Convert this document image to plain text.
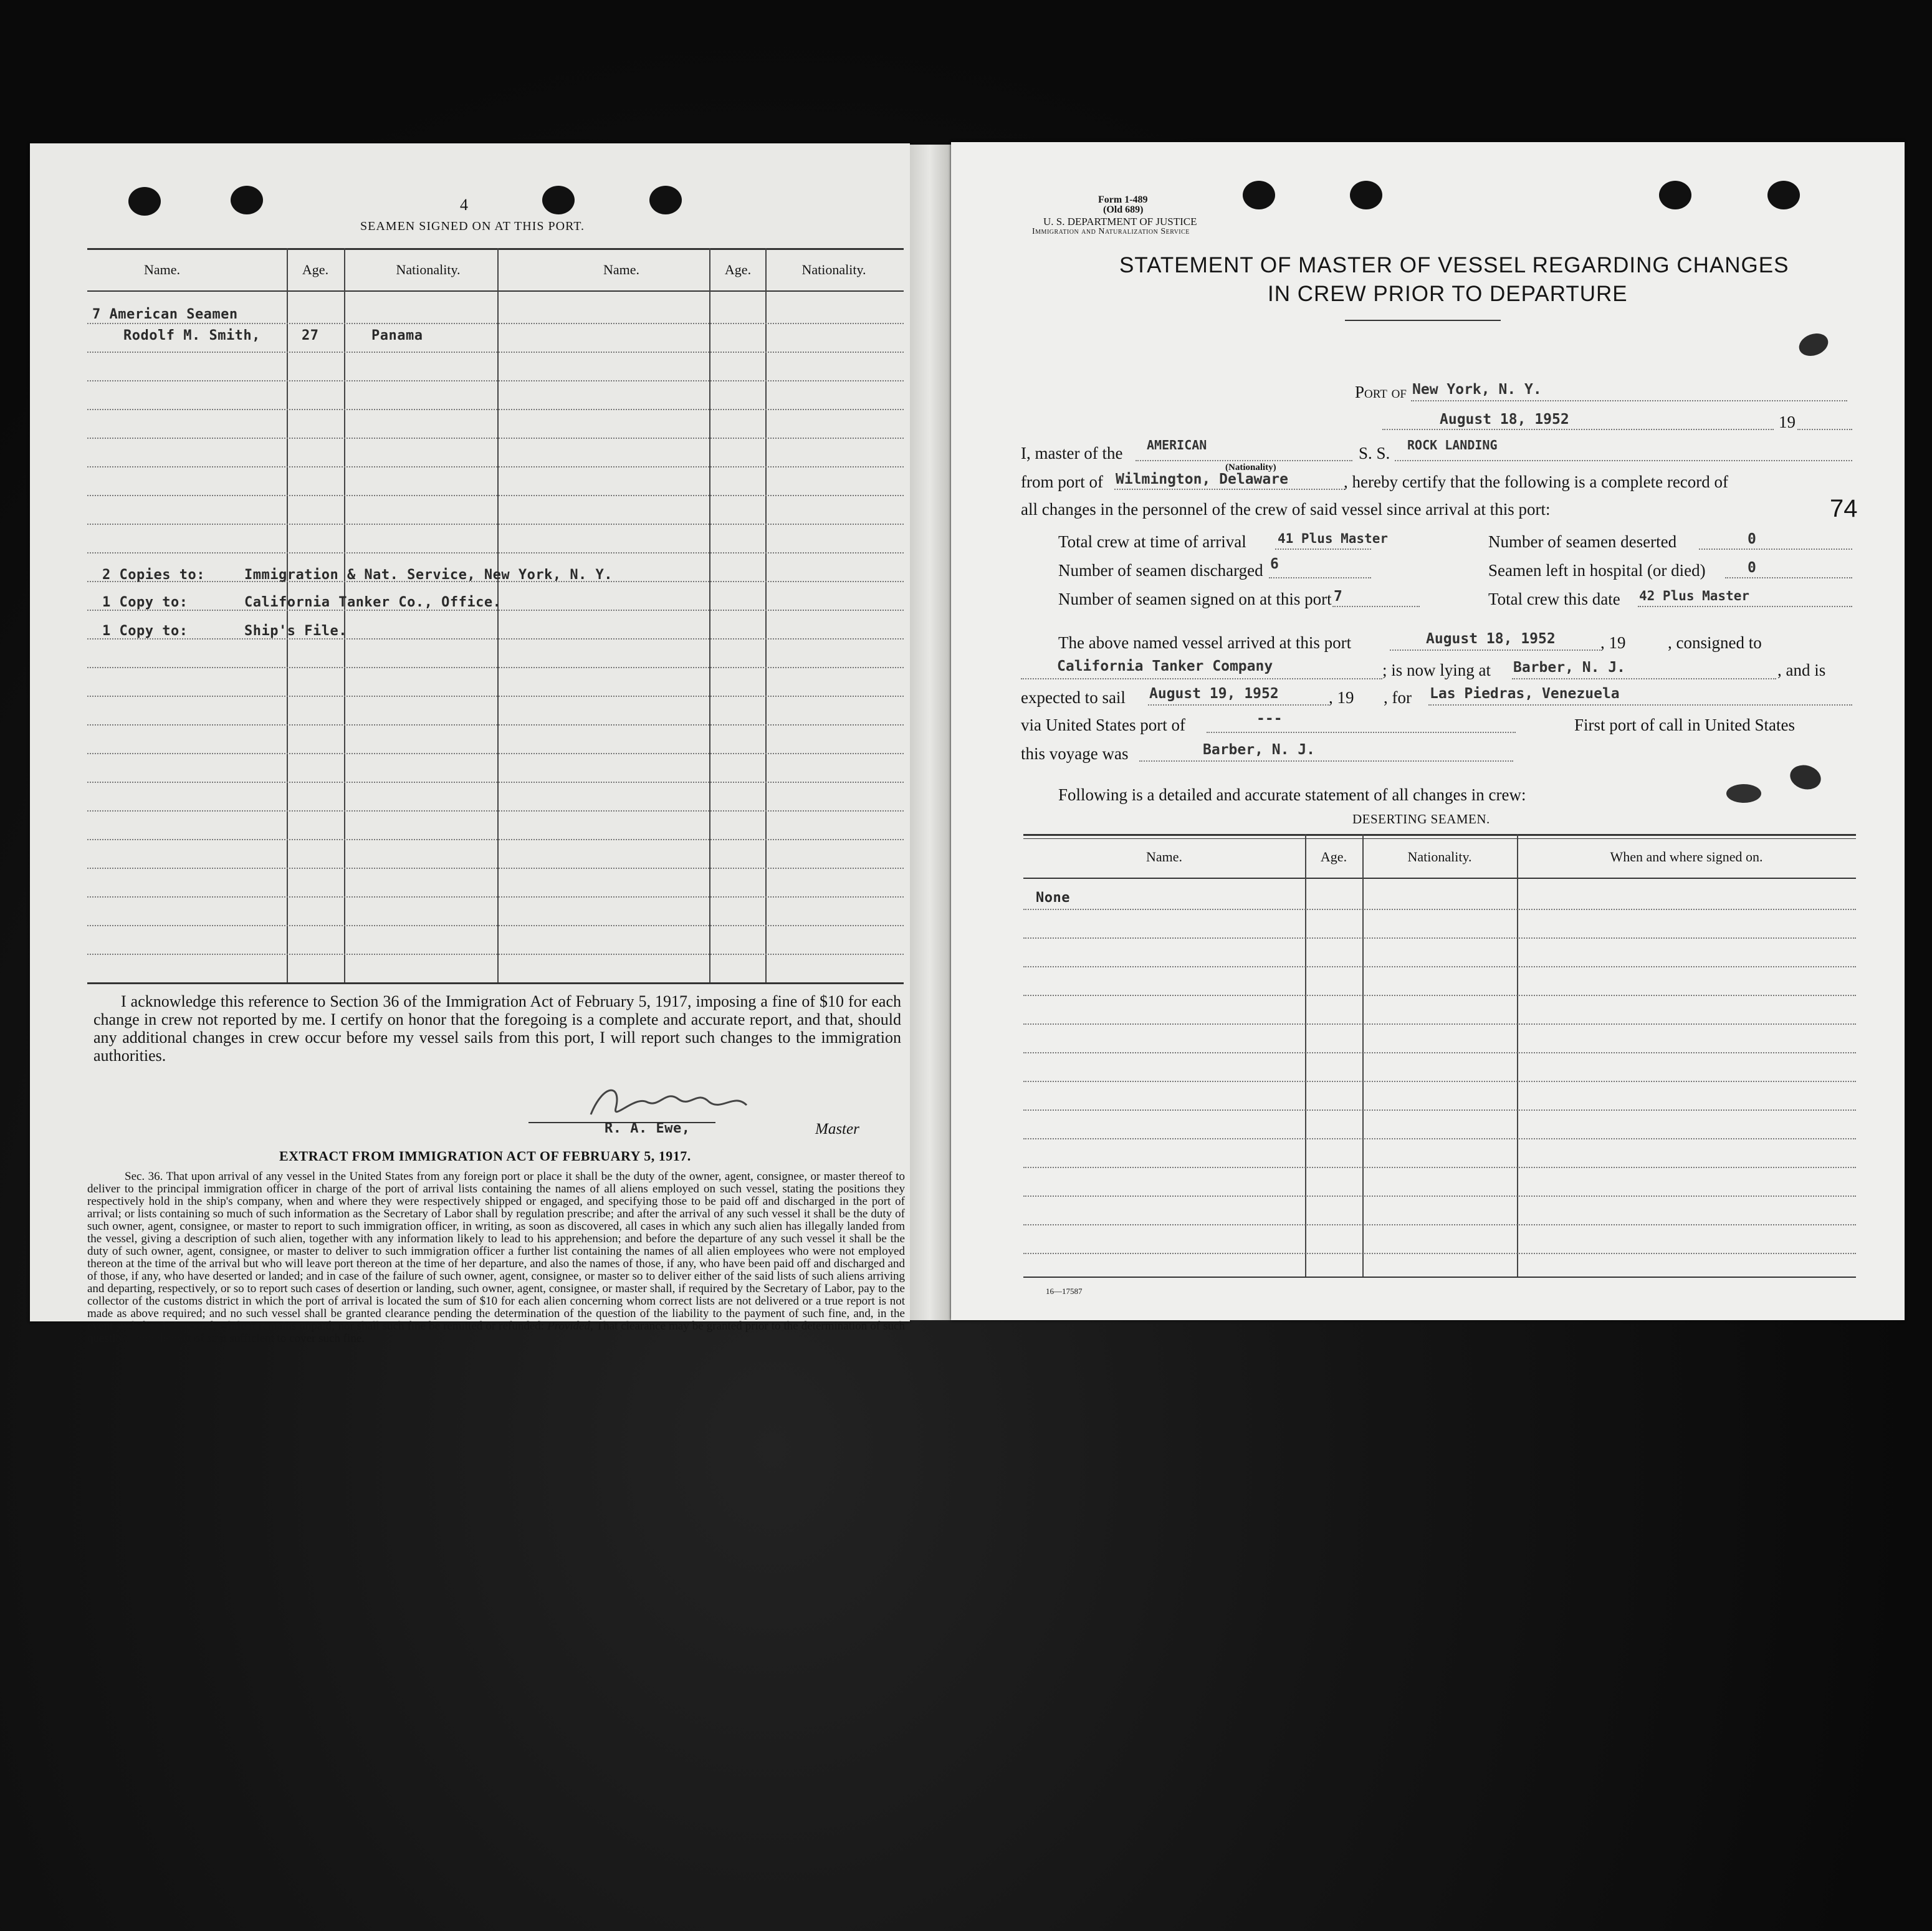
4
SEAMEN SIGNED ON AT THIS PORT.
Name.	Age.	Nationality.	Name.	Age.	Nationality.
7 American Seamen
Rodolf M. Smith,	27	Panama
2 Copies to:	Immigration & Nat. Service, New York, N. Y.
1 Copy to:	California Tanker Co., Office.
1 Copy to:	Ship's File.
I acknowledge this reference to Section 36 of the Immigration Act of February 5, 1917, imposing a fine of $10 for each change in crew not reported by me. I certify on honor that the foregoing is a complete and accurate report, and that, should any additional changes in crew occur before my vessel sails from this port, I will report such changes to the immigration authorities.
R. A. Ewe,	Master
EXTRACT FROM IMMIGRATION ACT OF FEBRUARY 5, 1917.
Sec. 36. That upon arrival of any vessel in the United States from any foreign port or place it shall be the duty of the owner, agent, consignee, or master thereof to deliver to the principal immigration officer in charge of the port of arrival lists containing the names of all aliens employed on such vessel, stating the positions they respectively hold in the ship's company, when and where they were respectively shipped or engaged, and specifying those to be paid off and discharged in the port of arrival; or lists containing so much of such information as the Secretary of Labor shall by regulation prescribe; and after the arrival of any such vessel it shall be the duty of such owner, agent, consignee, or master to report to such immigration officer, in writing, as soon as discovered, all cases in which any such alien has illegally landed from the vessel, giving a description of such alien, together with any information likely to lead to his apprehension; and before the departure of any such vessel it shall be the duty of such owner, agent, consignee, or master to deliver to such immigration officer a further list containing the names of all alien employees who were not employed thereon at the time of the arrival but who will leave port thereon at the time of her departure, and also the names of those, if any, who have been paid off and discharged and of those, if any, who have deserted or landed; and in case of the failure of such owner, agent, consignee, or master so to deliver either of the said lists of such aliens arriving and departing, respectively, or so to report such cases of desertion or landing, such owner, agent, consignee, or master shall, if required by the Secretary of Labor, pay to the collector of the customs district in which the port of arrival is located the sum of $10 for each alien concerning whom correct lists are not delivered or a true report is not made as above required; and no such vessel shall be granted clearance pending the determination of the question of the liability to the payment of such fine, and, in the event such fine is imposed, while it remains unpaid; nor shall such fine be remitted or refunded: Provided, That clearance may be granted prior to the determination of such question upon deposit of sum sufficient to cover such fine.
Form 1-489
(Old 689)
U. S. DEPARTMENT OF JUSTICE
Immigration and Naturalization Service
STATEMENT OF MASTER OF VESSEL REGARDING CHANGES
IN CREW PRIOR TO DEPARTURE
Port of New York, N. Y.
August 18, 1952	19
I, master of the AMERICAN
(Nationality)
S. S. ROCK LANDING
from port of Wilmington, Delaware	, hereby certify that the following is a complete record of
all changes in the personnel of the crew of said vessel since arrival at this port:	74
Total crew at time of arrival 41 Plus Master	Number of seamen deserted	0
Number of seamen discharged 6	Seamen left in hospital (or died)	0
Number of seamen signed on at this port 7	Total crew this date 42 Plus Master
The above named vessel arrived at this port	August 18, 1952	, 19	, consigned to
California Tanker Company	; is now lying at Barber, N. J.	, and is
expected to sail August 19, 1952	, 19 , for Las Piedras, Venezuela
via United States port of	---	First port of call in United States
this voyage was	Barber, N. J.
Following is a detailed and accurate statement of all changes in crew:
DESERTING SEAMEN.
Name.	Age.	Nationality.	When and where signed on.
None
16—17587
